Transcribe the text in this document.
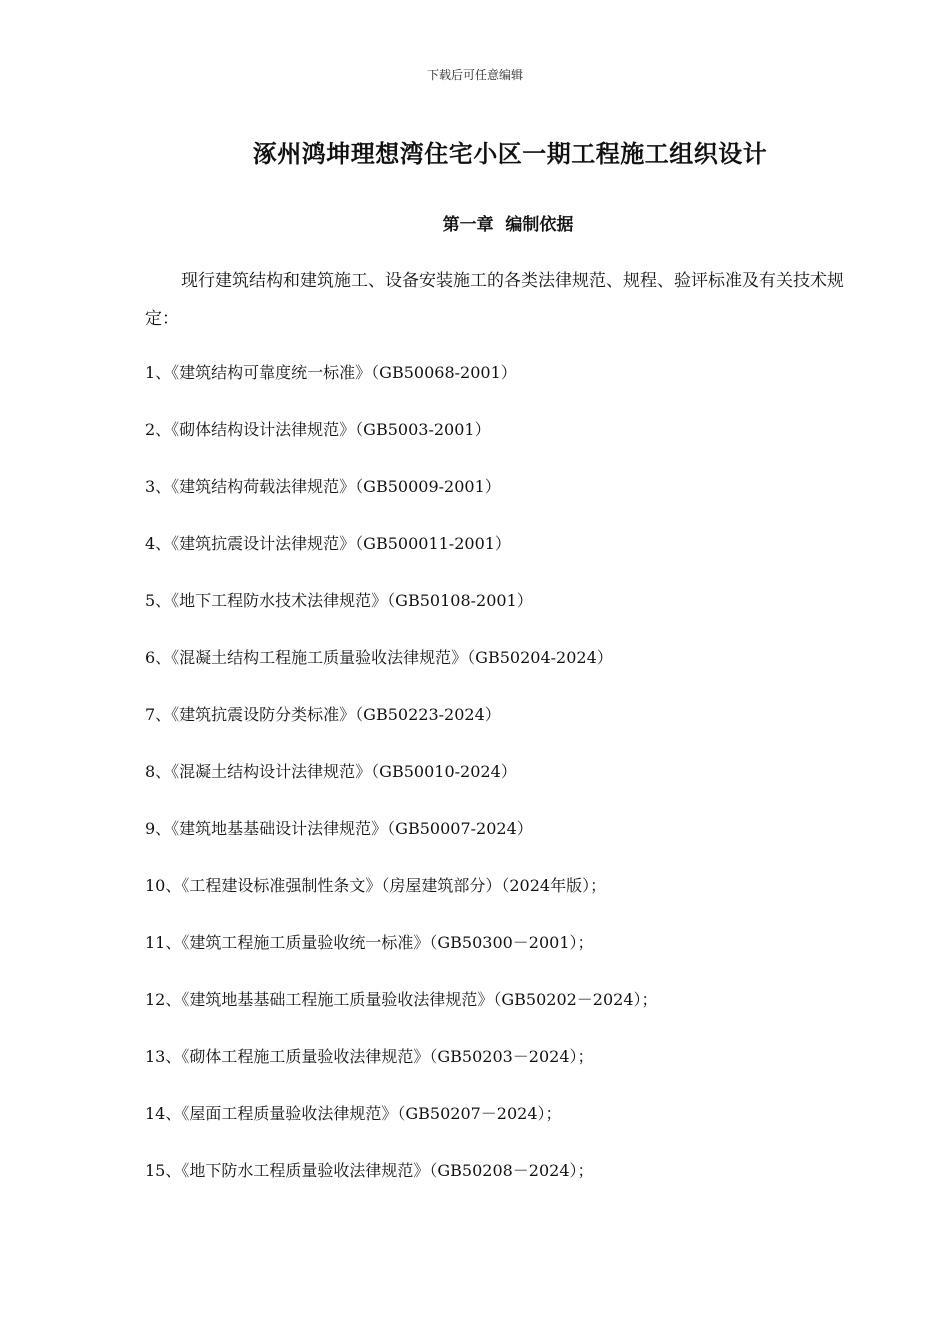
下载后可任意编辑
涿州鸿坤理想湾住宅小区一期工程施工组织设计
第一章  编制依据
现行建筑结构和建筑施工、设备安装施工的各类法律规范、规程、验评标准及有关技术规定：
1、《建筑结构可靠度统一标准》（GB50068-2001）
2、《砌体结构设计法律规范》（GB5003-2001）
3、《建筑结构荷载法律规范》（GB50009-2001）
4、《建筑抗震设计法律规范》（GB500011-2001）
5、《地下工程防水技术法律规范》（GB50108-2001）
6、《混凝土结构工程施工质量验收法律规范》（GB50204-2024）
7、《建筑抗震设防分类标准》（GB50223-2024）
8、《混凝土结构设计法律规范》（GB50010-2024）
9、《建筑地基基础设计法律规范》（GB50007-2024）
10、《工程建设标准强制性条文》（房屋建筑部分）（2024年版）；
11、《建筑工程施工质量验收统一标准》（GB50300－2001）；
12、《建筑地基基础工程施工质量验收法律规范》（GB50202－2024）；
13、《砌体工程施工质量验收法律规范》（GB50203－2024）；
14、《屋面工程质量验收法律规范》（GB50207－2024）；
15、《地下防水工程质量验收法律规范》（GB50208－2024）；
